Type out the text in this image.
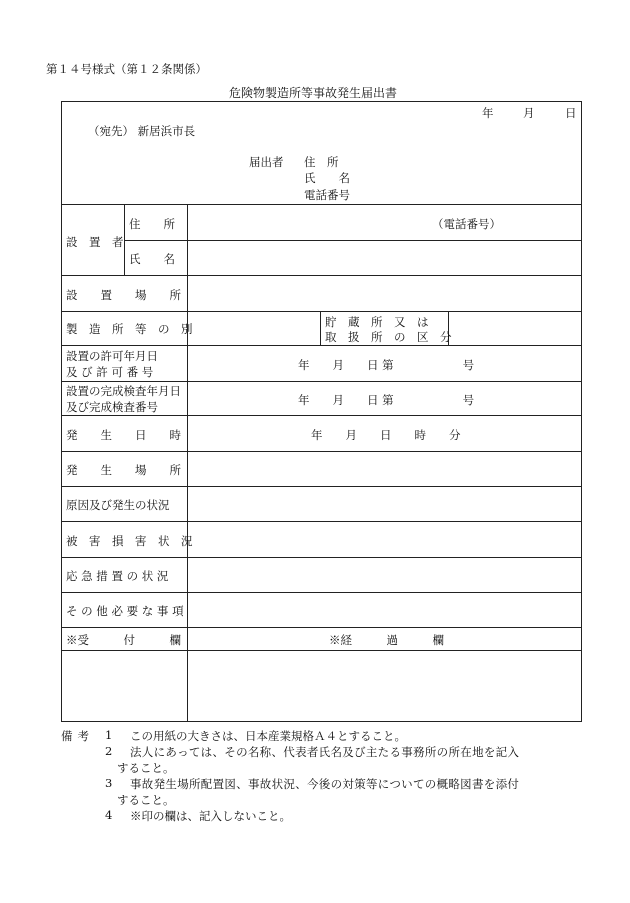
第１４号様式（第１２条関係）
危険物製造所等事故発生届出書
年	月	日
（宛先） 新居浜市長
届出者 住　所
氏　　名
電話番号
設　置　者
住　　所	（電話番号）
氏　　名
設　　置　　場　　所
製　造　所　等　の　別	貯　蔵　所　又　は
取　扱　所　の　区　分
設置の許可年月日
及 び 許 可 番 号	年　　月　　日 第　　　　　　号
設置の完成検査年月日
及び完成検査番号	年　　月　　日 第　　　　　　号
発　　生　　日　　時	年　　月　　日　　時　　分
発　　生　　場　　所
原因及び発生の状況
被　害　損　害　状　況
応 急 措 置 の 状 況
そ の 他 必 要 な 事 項
※受　　　付　　　欄	※経　　　過　　　欄
備考 1 この用紙の大きさは、日本産業規格Ａ４とすること。
2 法人にあっては、その名称、代表者氏名及び主たる事務所の所在地を記入
すること。
3 事故発生場所配置図、事故状況、今後の対策等についての概略図書を添付
すること。
4 ※印の欄は、記入しないこと。
